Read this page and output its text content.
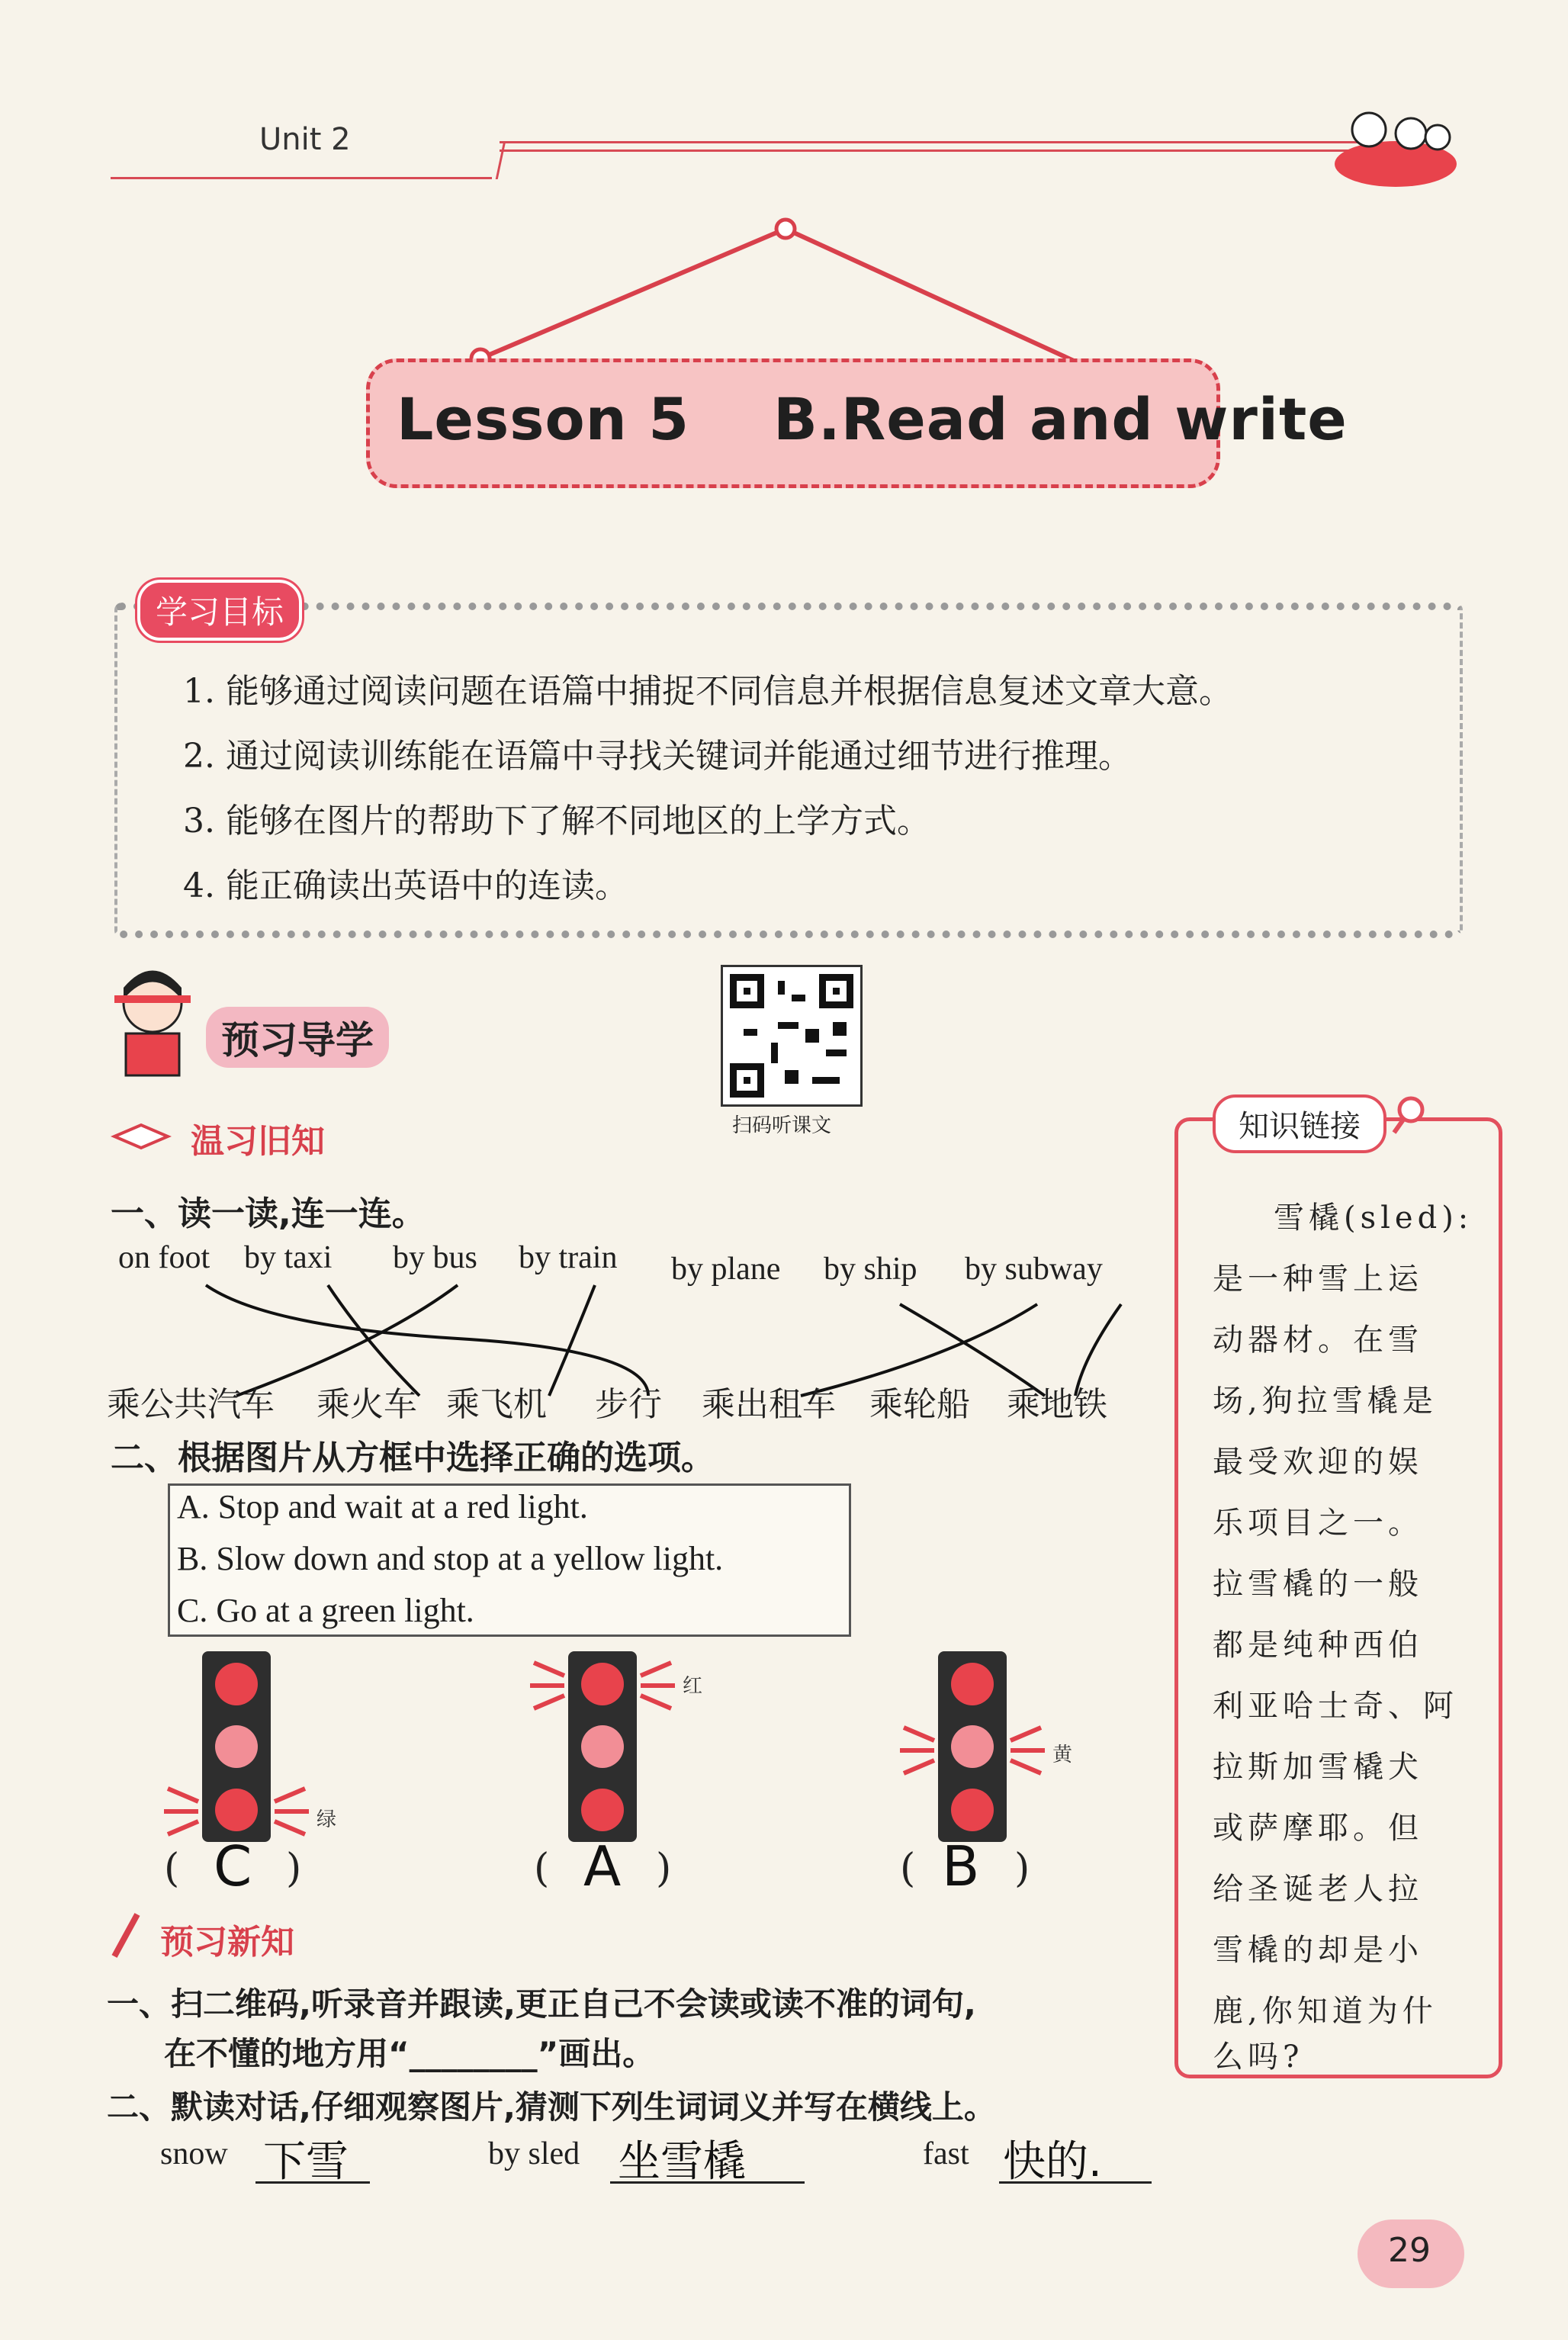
Unit 2
Lesson 5    B.Read and write
学习目标
1. 能够通过阅读问题在语篇中捕捉不同信息并根据信息复述文章大意。
2. 通过阅读训练能在语篇中寻找关键词并能通过细节进行推理。
3. 能够在图片的帮助下了解不同地区的上学方式。
4. 能正确读出英语中的连读。
预习导学
扫码听课文
温习旧知
一、读一读,连一连。
on foot by taxi by bus by train by plane by ship by subway
乘公共汽车 乘火车 乘飞机 步行 乘出租车 乘轮船 乘地铁
二、根据图片从方框中选择正确的选项。
A. Stop and wait at a red light.
B. Slow down and stop at a yellow light.
C. Go at a green light.
绿
红
黄
( C )	( A )	( B )
预习新知
一、扫二维码,听录音并跟读,更正自己不会读或读不准的词句,
在不懂的地方用“________”画出。
二、默读对话,仔细观察图片,猜测下列生词词义并写在横线上。
snow 下雪	by sled 坐雪橇	fast 快的.
知识链接
雪橇(sled):
是一种雪上运
动器材。在雪
场,狗拉雪橇是
最受欢迎的娱
乐项目之一。
拉雪橇的一般
都是纯种西伯
利亚哈士奇、阿
拉斯加雪橇犬
或萨摩耶。但
给圣诞老人拉
雪橇的却是小
鹿,你知道为什
么吗?
29
